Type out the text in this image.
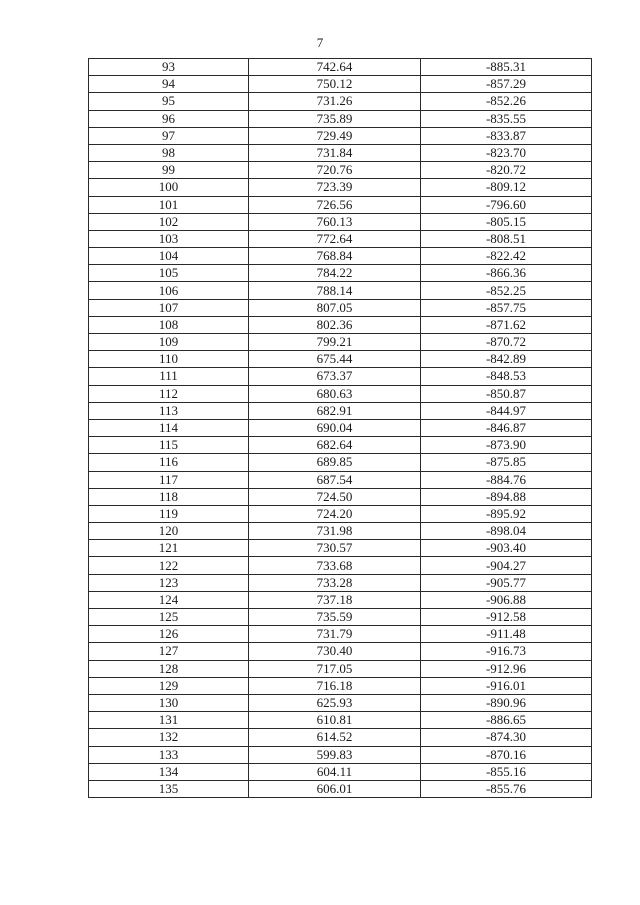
7
93	742.64	-885.31
94	750.12	-857.29
95	731.26	-852.26
96	735.89	-835.55
97	729.49	-833.87
98	731.84	-823.70
99	720.76	-820.72
100	723.39	-809.12
101	726.56	-796.60
102	760.13	-805.15
103	772.64	-808.51
104	768.84	-822.42
105	784.22	-866.36
106	788.14	-852.25
107	807.05	-857.75
108	802.36	-871.62
109	799.21	-870.72
110	675.44	-842.89
111	673.37	-848.53
112	680.63	-850.87
113	682.91	-844.97
114	690.04	-846.87
115	682.64	-873.90
116	689.85	-875.85
117	687.54	-884.76
118	724.50	-894.88
119	724.20	-895.92
120	731.98	-898.04
121	730.57	-903.40
122	733.68	-904.27
123	733.28	-905.77
124	737.18	-906.88
125	735.59	-912.58
126	731.79	-911.48
127	730.40	-916.73
128	717.05	-912.96
129	716.18	-916.01
130	625.93	-890.96
131	610.81	-886.65
132	614.52	-874.30
133	599.83	-870.16
134	604.11	-855.16
135	606.01	-855.76
